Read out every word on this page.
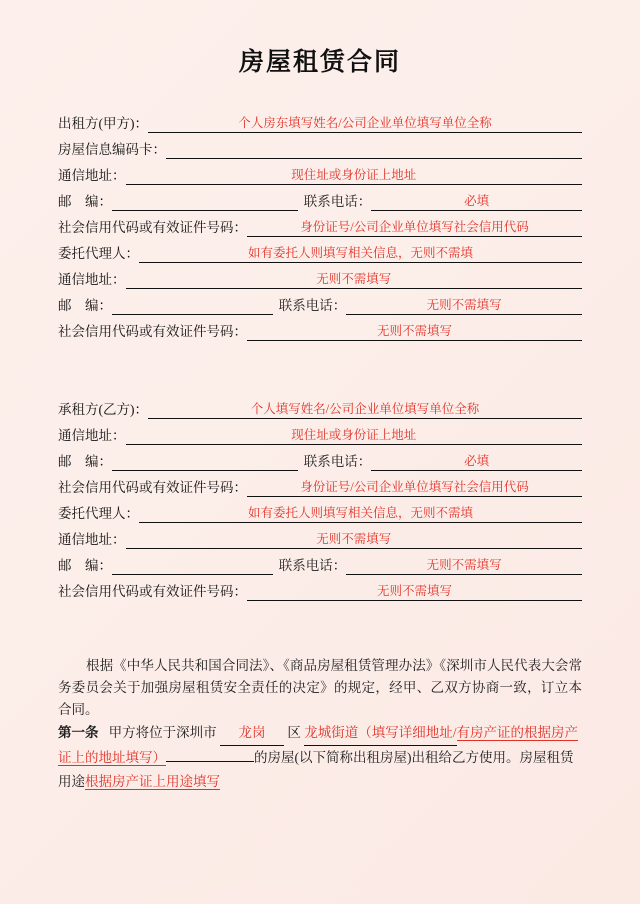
房屋租赁合同
出租方(甲方)：	个人房东填写姓名/公司企业单位填写单位全称
房屋信息编码卡：
通信地址：	现住址或身份证上地址
邮　编：	联系电话：	必填
社会信用代码或有效证件号码：	身份证号/公司企业单位填写社会信用代码
委托代理人：	如有委托人则填写相关信息，无则不需填
通信地址：	无则不需填写
邮　编：	联系电话：	无则不需填写
社会信用代码或有效证件号码：	无则不需填写
承租方(乙方)：	个人填写姓名/公司企业单位填写单位全称
通信地址：	现住址或身份证上地址
邮　编：	联系电话：	必填
社会信用代码或有效证件号码：	身份证号/公司企业单位填写社会信用代码
委托代理人：	如有委托人则填写相关信息，无则不需填
通信地址：	无则不需填写
邮　编：	联系电话：	无则不需填写
社会信用代码或有效证件号码：	无则不需填写
根据《中华人民共和国合同法》、《商品房屋租赁管理办法》《深圳市人民代表大会常务委员会关于加强房屋租赁安全责任的决定》的规定，经甲、乙双方协商一致，订立本合同。
第一条 甲方将位于深圳市 龙岗 区 龙城街道（填写详细地址/有房产证的根据房产证上的地址填写）	的房屋(以下简称出租房屋)出租给乙方使用。房屋租赁用途根据房产证上用途填写
